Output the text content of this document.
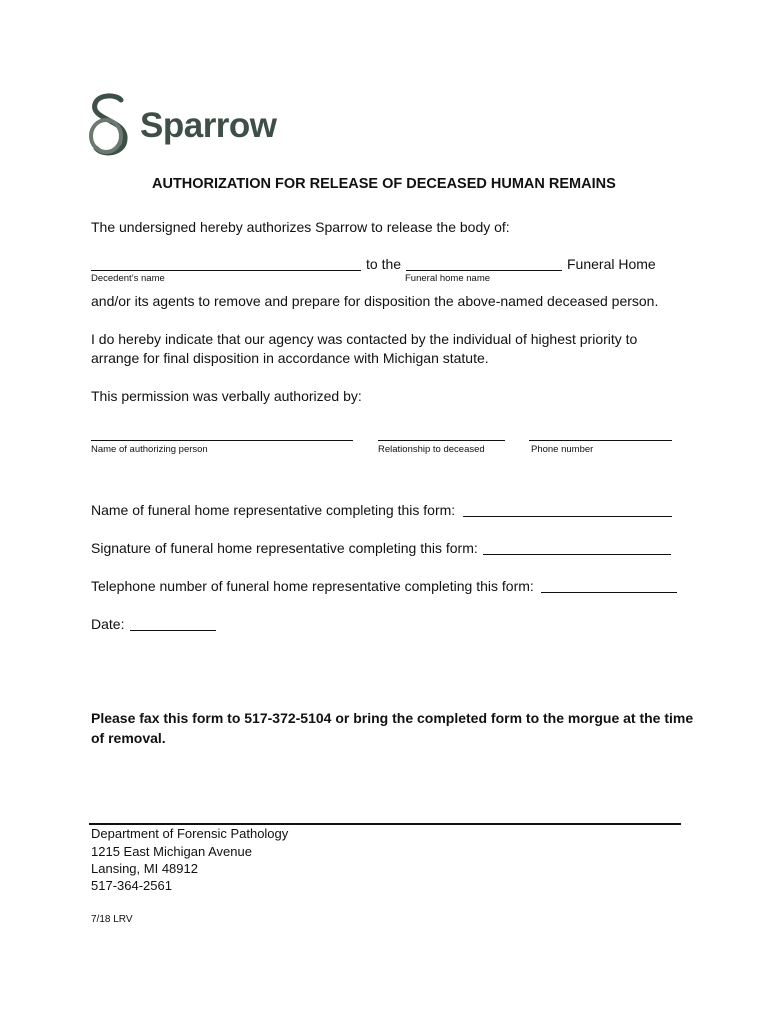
Sparrow
AUTHORIZATION FOR RELEASE OF DECEASED HUMAN REMAINS
The undersigned hereby authorizes Sparrow to release the body of:
to the	Funeral Home
Decedent’s name	Funeral home name
and/or its agents to remove and prepare for disposition the above-named deceased person.
I do hereby indicate that our agency was contacted by the individual of highest priority to
arrange for final disposition in accordance with Michigan statute.
This permission was verbally authorized by:
Name of authorizing person	Relationship to deceased	Phone number
Name of funeral home representative completing this form:
Signature of funeral home representative completing this form:
Telephone number of funeral home representative completing this form:
Date:
Please fax this form to 517-372-5104 or bring the completed form to the morgue at the time
of removal.
Department of Forensic Pathology
1215 East Michigan Avenue
Lansing, MI 48912
517-364-2561
7/18 LRV
